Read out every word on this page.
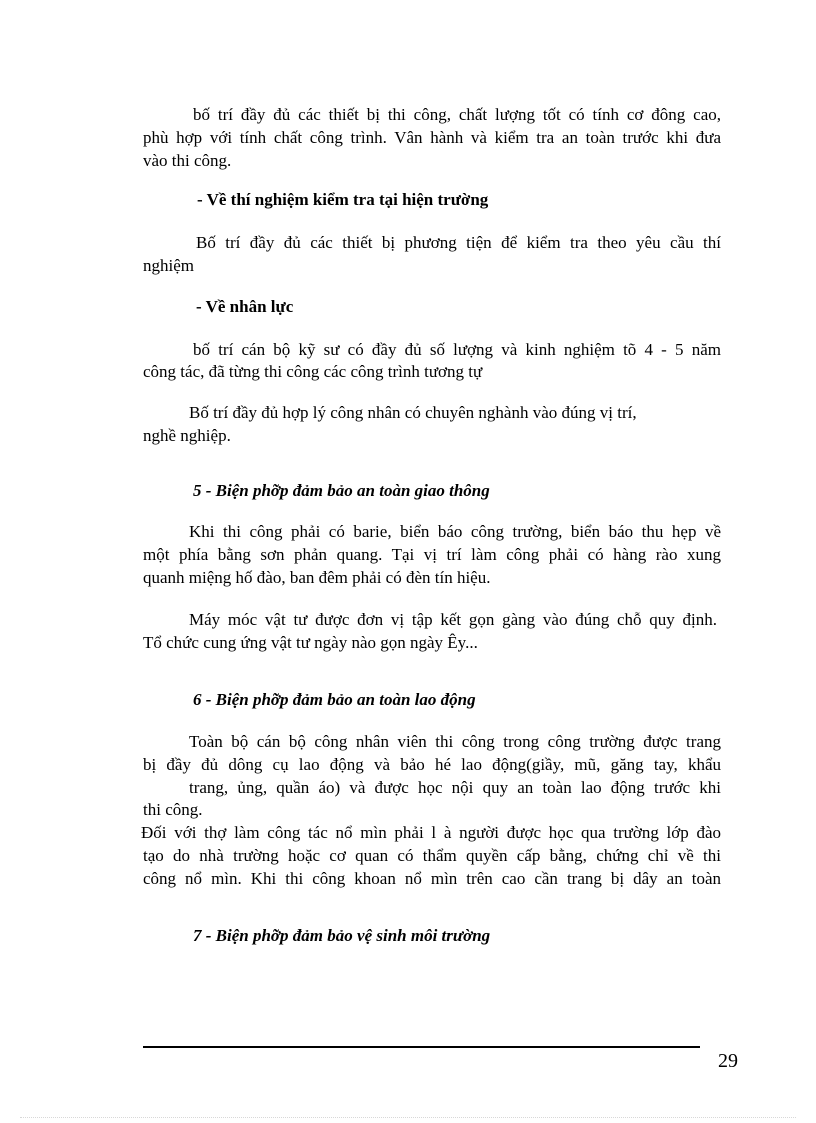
bố trí đầy đủ các thiết bị thi công, chất lượng tốt có tính cơ đông cao,
phù hợp với tính chất công trình. Vân hành và kiểm tra an toàn trước khi đưa
vào thi công.
- Về thí nghiệm kiểm tra tại hiện trường
Bố trí đầy đủ các thiết bị phương tiện để kiểm tra theo yêu cầu thí
nghiệm
- Về nhân lực
bố trí cán bộ kỹ sư có đầy đủ số lượng và kinh nghiệm tõ 4 - 5 năm
công tác, đã từng thi công các công trình tương tự
Bố trí đầy đủ hợp lý công nhân có chuyên nghành vào đúng vị trí,
nghề nghiệp.
5 - Biện phỡp đảm bảo an toàn giao thông
Khi thi công phải có barie, biển báo công trường, biển báo thu hẹp về
một phía bằng sơn phản quang. Tại vị trí làm công phải có hàng rào xung
quanh miệng hố đào, ban đêm phải có đèn tín hiệu.
Máy móc vật tư được đơn vị tập kết gọn gàng vào đúng chỗ quy định.
Tổ chức cung ứng vật tư ngày nào gọn ngày Êy...
6 - Biện phỡp đảm bảo an toàn lao động
Toàn bộ cán bộ công nhân viên thi công trong công trường được trang
bị đầy đủ dông cụ lao động và bảo hé lao động(giầy, mũ, găng tay, khẩu
trang, ủng, quần áo) và được học nội quy an toàn lao động trước khi
thi công.
Đối với thợ làm công tác nổ mìn phải l à người được học qua trường lớp đào
tạo do nhà trường hoặc cơ quan có thẩm quyền cấp bằng, chứng chỉ về thi
công nổ mìn. Khi thi công khoan nổ mìn trên cao cần trang bị dây an toàn
7 - Biện phỡp đảm bảo vệ sinh môi trường
29
